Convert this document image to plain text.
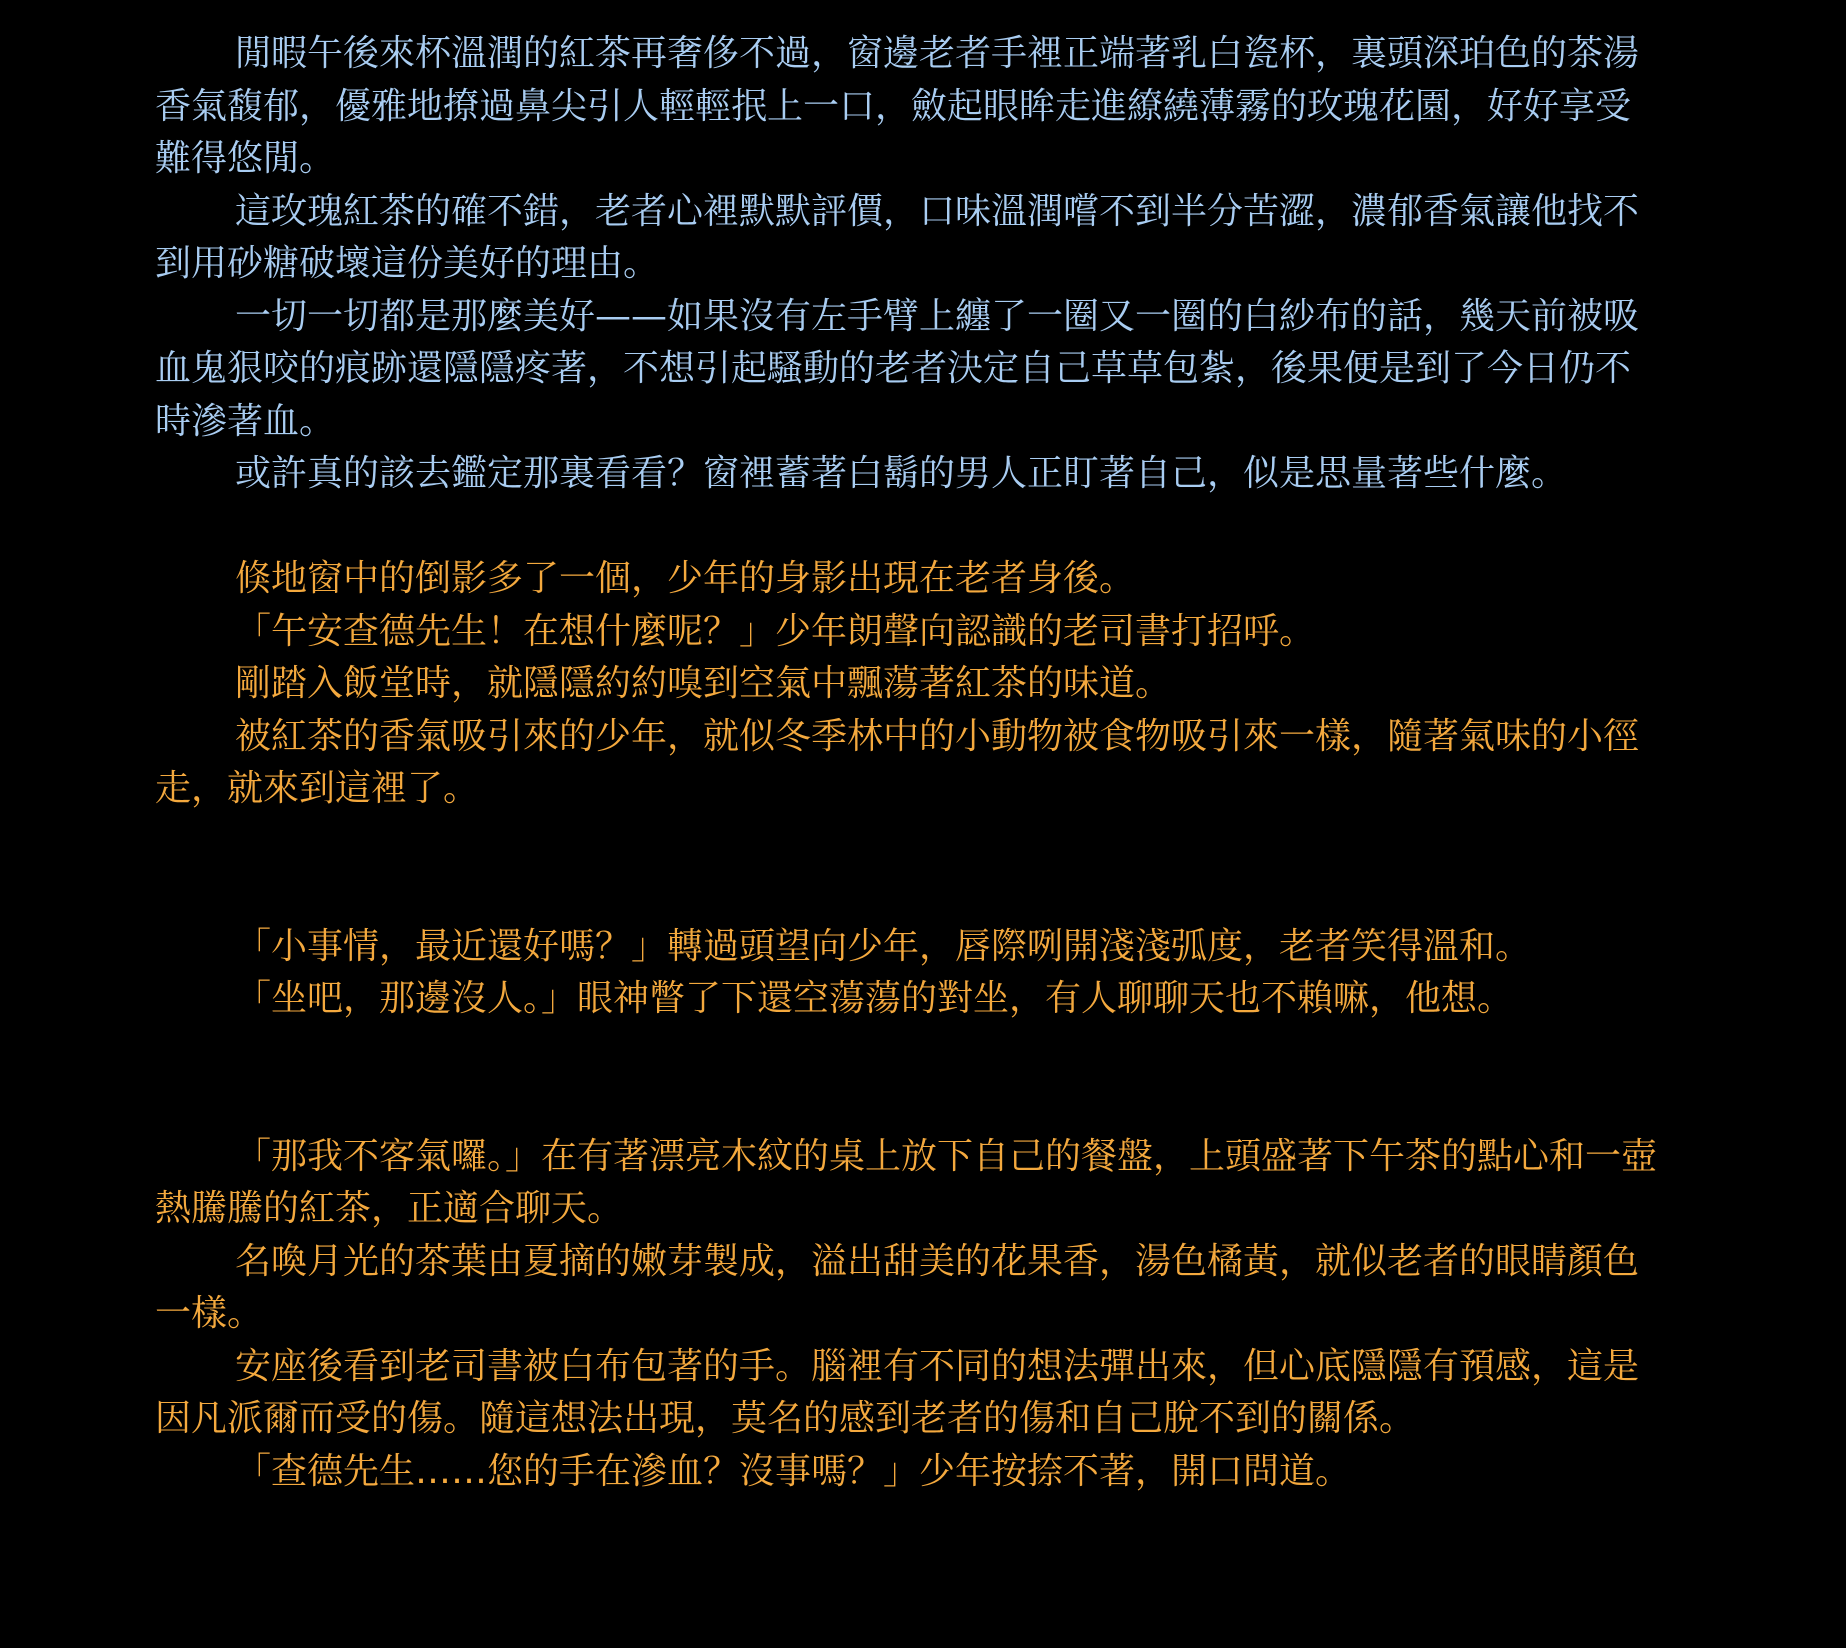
閒暇午後來杯溫潤的紅茶再奢侈不過，窗邊老者手裡正端著乳白瓷杯，裏頭深珀色的茶湯香氣馥郁，優雅地撩過鼻尖引人輕輕抿上一口，斂起眼眸走進繚繞薄霧的玫瑰花園，好好享受難得悠閒。

這玫瑰紅茶的確不錯，老者心裡默默評價，口味溫潤嚐不到半分苦澀，濃郁香氣讓他找不到用砂糖破壞這份美好的理由。

一切一切都是那麼美好——如果沒有左手臂上纏了一圈又一圈的白紗布的話，幾天前被吸血鬼狠咬的痕跡還隱隱疼著，不想引起騷動的老者決定自己草草包紮，後果便是到了今日仍不時滲著血。

或許真的該去鑑定那裏看看？窗裡蓄著白鬍的男人正盯著自己，似是思量著些什麼。

倏地窗中的倒影多了一個，少年的身影出現在老者身後。

「午安查德先生！在想什麼呢？」少年朗聲向認識的老司書打招呼。

剛踏入飯堂時，就隱隱約約嗅到空氣中飄蕩著紅茶的味道。

被紅茶的香氣吸引來的少年，就似冬季林中的小動物被食物吸引來一樣，隨著氣味的小徑走，就來到這裡了。

「小事情，最近還好嗎？」轉過頭望向少年，唇際咧開淺淺弧度，老者笑得溫和。

「坐吧，那邊沒人。」眼神瞥了下還空蕩蕩的對坐，有人聊聊天也不賴嘛，他想。

「那我不客氣囉。」在有著漂亮木紋的桌上放下自己的餐盤，上頭盛著下午茶的點心和一壺熱騰騰的紅茶，正適合聊天。

名喚月光的茶葉由夏摘的嫩芽製成，溢出甜美的花果香，湯色橘黃，就似老者的眼睛顏色一樣。

安座後看到老司書被白布包著的手。腦裡有不同的想法彈出來，但心底隱隱有預感，這是因凡派爾而受的傷。隨這想法出現，莫名的感到老者的傷和自己脫不到的關係。

「查德先生……您的手在滲血？沒事嗎？」少年按捺不著，開口問道。
